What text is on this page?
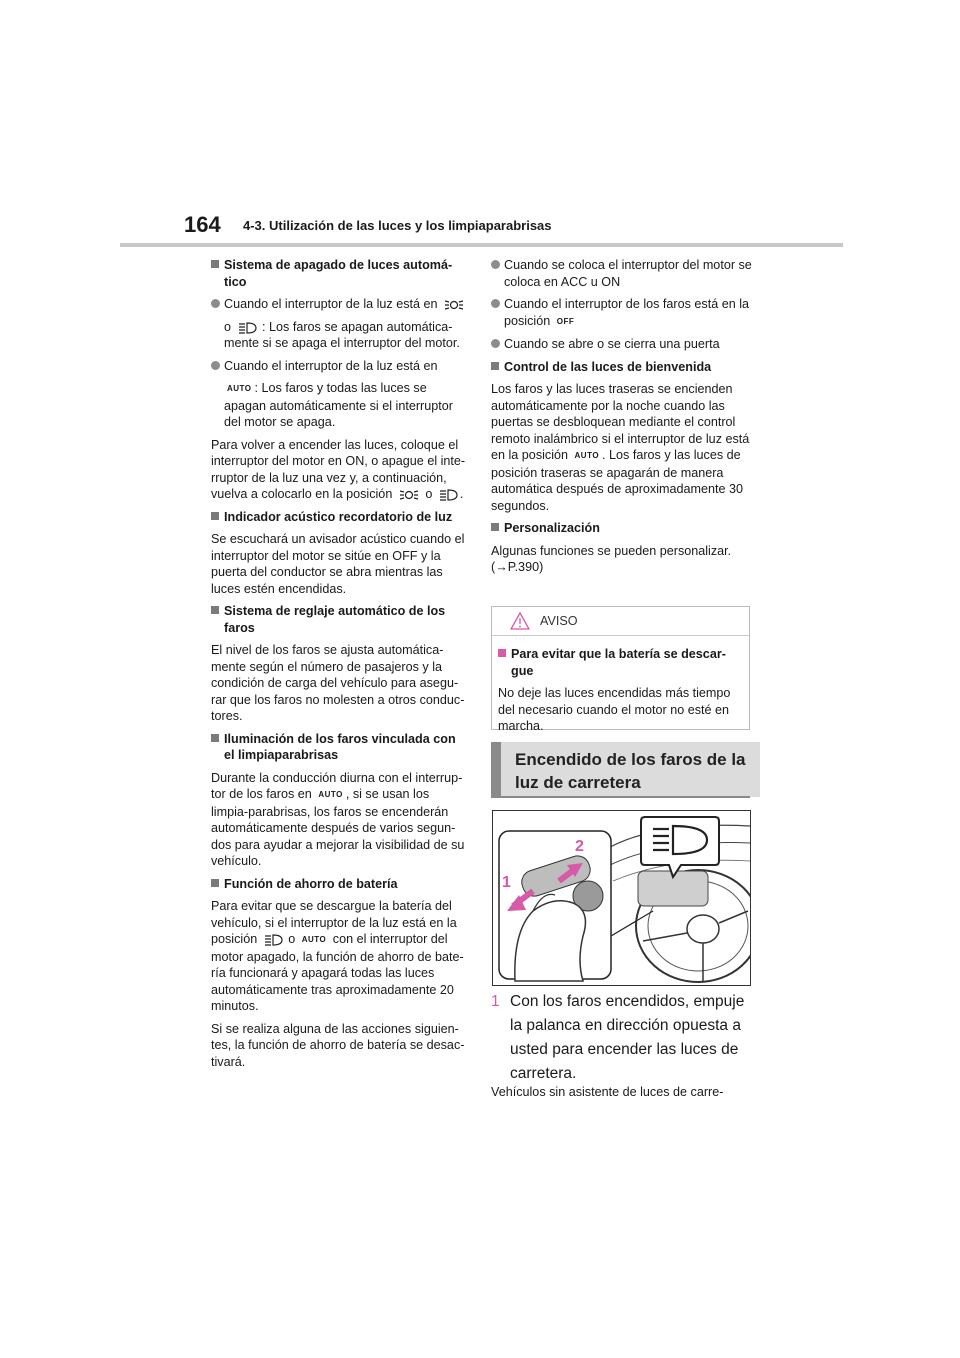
164 4-3. Utilización de las luces y los limpiaparabrisas
Sistema de apagado de luces automá-tico
Cuando el interruptor de la luz está en
o : Los faros se apagan automática-mente si se apaga el interruptor del motor.
Cuando el interruptor de la luz está en
AUTO : Los faros y todas las luces se apagan automáticamente si el interruptor del motor se apaga.
Para volver a encender las luces, coloque el interruptor del motor en ON, o apague el inte-rruptor de la luz una vez y, a continuación, vuelva a colocarlo en la posición	o .
Indicador acústico recordatorio de luz
Se escuchará un avisador acústico cuando el interruptor del motor se sitúe en OFF y la puerta del conductor se abra mientras las luces estén encendidas.
Sistema de reglaje automático de los faros
El nivel de los faros se ajusta automática-mente según el número de pasajeros y la condición de carga del vehículo para asegu-rar que los faros no molesten a otros conduc-tores.
Iluminación de los faros vinculada con el limpiaparabrisas
Durante la conducción diurna con el interrup-tor de los faros en AUTO , si se usan los limpia-parabrisas, los faros se encenderán automáticamente después de varios segun-dos para ayudar a mejorar la visibilidad de su vehículo.
Función de ahorro de batería
Para evitar que se descargue la batería del vehículo, si el interruptor de la luz está en la posición o AUTO con el interruptor del motor apagado, la función de ahorro de bate-ría funcionará y apagará todas las luces automáticamente tras aproximadamente 20 minutos.
Si se realiza alguna de las acciones siguien-tes, la función de ahorro de batería se desac-tivará.
Cuando se coloca el interruptor del motor se coloca en ACC u ON
Cuando el interruptor de los faros está en la posición OFF
Cuando se abre o se cierra una puerta
Control de las luces de bienvenida
Los faros y las luces traseras se encienden automáticamente por la noche cuando las puertas se desbloquean mediante el control remoto inalámbrico si el interruptor de luz está en la posición AUTO . Los faros y las luces de posición traseras se apagarán de manera automática después de aproximadamente 30 segundos.
Personalización
Algunas funciones se pueden personalizar.
(→P.390)
AVISO
Para evitar que la batería se descar-gue
No deje las luces encendidas más tiempo del necesario cuando el motor no esté en marcha.
Encendido de los faros de la luz de carretera
1
2
1 Con los faros encendidos, empuje la palanca en dirección opuesta a usted para encender las luces de carretera.
Vehículos sin asistente de luces de carre-
